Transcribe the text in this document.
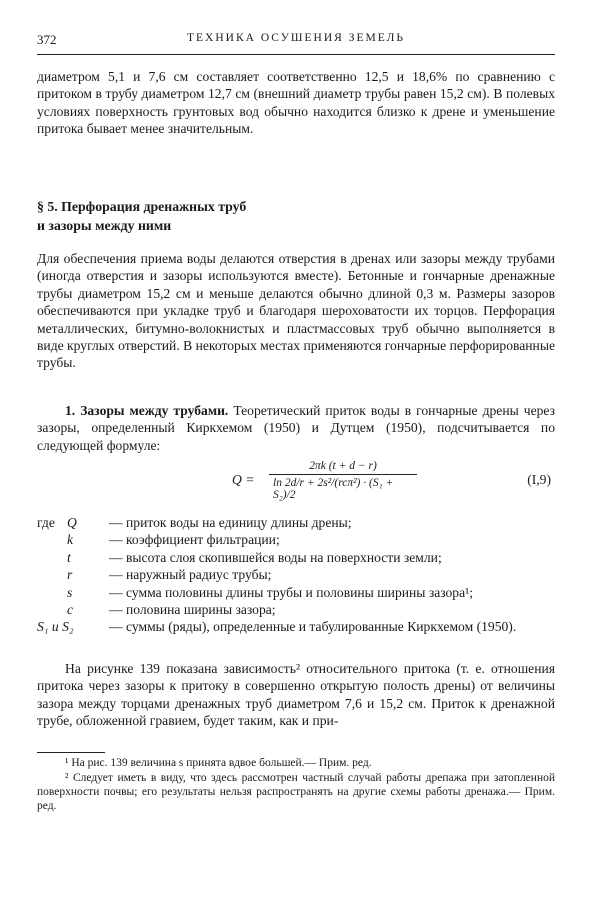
372	ТЕХНИКА ОСУШЕНИЯ ЗЕМЕЛЬ
диаметром 5,1 и 7,6 см составляет соответственно 12,5 и 18,6% по сравнению с притоком в трубу диаметром 12,7 см (внешний диаметр трубы равен 15,2 см). В полевых условиях поверхность грунтовых вод обычно находится близко к дрене и уменьшение притока бывает менее значительным.
§ 5. Перфорация дренажных труб
и зазоры между ними
Для обеспечения приема воды делаются отверстия в дренах или зазоры между трубами (иногда отверстия и зазоры используются вместе). Бетонные и гончарные дренажные трубы диаметром 15,2 см и меньше делаются обычно длиной 0,3 м. Размеры зазоров обеспечиваются при укладке труб и благодаря шероховатости их торцов. Перфорация металлических, битумно-волокнистых и пластмассовых труб обычно выполняется в виде круглых отверстий. В некоторых местах применяются гончарные перфорированные трубы.
1. Зазоры между трубами. Теоретический приток воды в гончарные дрены через зазоры, определенный Киркхемом (1950) и Дутцем (1950), подсчитывается по следующей формуле:
Q =
2πk (t + d − r)
ln 2d/r + 2s²/(rcπ²) · (S₁ + S₂)/2
(I,9)
где Q — приток воды на единицу длины дрены;
k	— коэффициент фильтрации;
t	— высота слоя скопившейся воды на поверхности земли;
r	— наружный радиус трубы;
s	— сумма половины длины трубы и половины ширины зазора¹;
c	— половина ширины зазора;
S₁ и S₂	— суммы (ряды), определенные и табулированные Киркхемом (1950).
На рисунке 139 показана зависимость² относительного притока (т. е. отношения притока через зазоры к притоку в совершенно открытую полость дрены) от величины зазора между торцами дренажных труб диаметром 7,6 и 15,2 см. Приток к дренажной трубе, обложенной гравием, будет таким, как и при-
¹ На рис. 139 величина s принята вдвое большей.— Прим. ред.
² Следует иметь в виду, что здесь рассмотрен частный случай работы дрепажа при затопленной поверхности почвы; его результаты нельзя распространять на другие схемы работы дренажа.— Прим. ред.
